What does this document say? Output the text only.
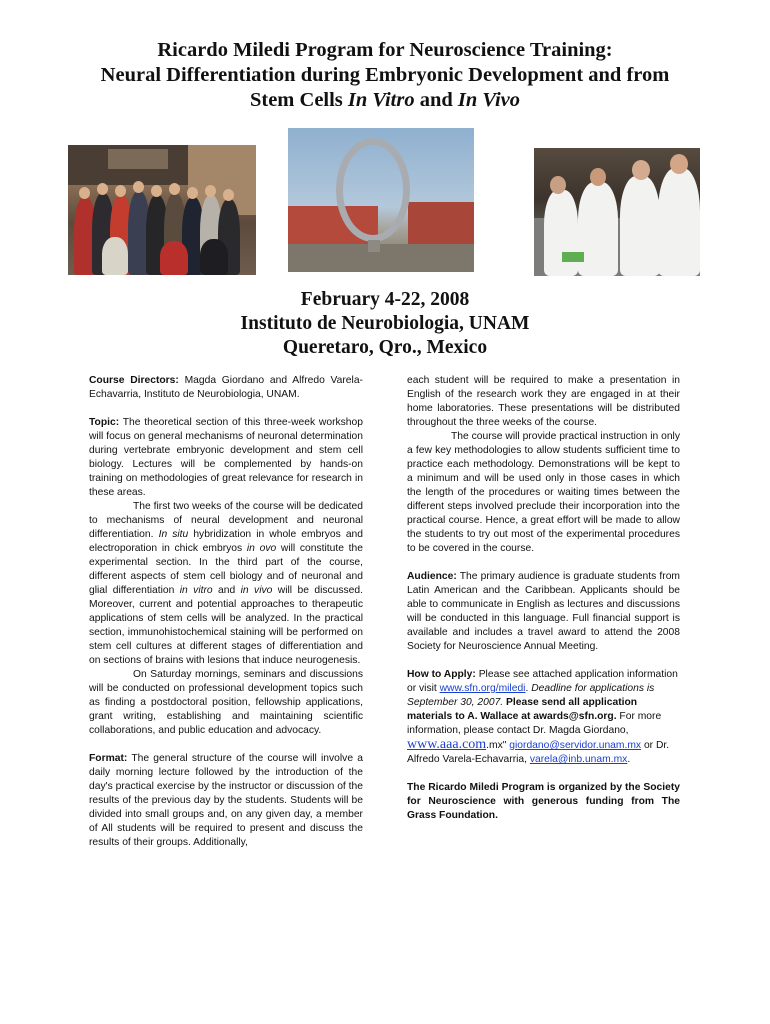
Ricardo Miledi Program for Neuroscience Training:
Neural Differentiation during Embryonic Development and from
Stem Cells In Vitro and In Vivo
February 4-22, 2008
Instituto de Neurobiologia, UNAM
Queretaro, Qro., Mexico

Course Directors: Magda Giordano and Alfredo Varela-Echavarria, Instituto de Neurobiologia, UNAM.

Topic: The theoretical section of this three-week workshop will focus on general mechanisms of neuronal determination during vertebrate embryonic development and stem cell biology. Lectures will be complemented by hands-on training on methodologies of great relevance for research in these areas.

The first two weeks of the course will be dedicated to mechanisms of neural development and neuronal differentiation. In situ hybridization in whole embryos and electroporation in chick embryos in ovo will constitute the experimental section. In the third part of the course, different aspects of stem cell biology and of neuronal and glial differentiation in vitro and in vivo will be discussed. Moreover, current and potential approaches to therapeutic applications of stem cells will be analyzed. In the practical section, immunohistochemical staining will be performed on stem cell cultures at different stages of differentiation and on sections of brains with lesions that induce neurogenesis.

On Saturday mornings, seminars and discussions will be conducted on professional development topics such as finding a postdoctoral position, fellowship applications, grant writing, establishing and maintaining scientific collaborations, and public education and advocacy.

Format: The general structure of the course will involve a daily morning lecture followed by the introduction of the day's practical exercise by the instructor or discussion of the results of the previous day by the students. Students will be divided into small groups and, on any given day, a member of All students will be required to present and discuss the results of their groups. Additionally,

each student will be required to make a presentation in English of the research work they are engaged in at their home laboratories. These presentations will be distributed throughout the three weeks of the course.

The course will provide practical instruction in only a few key methodologies to allow students sufficient time to practice each methodology. Demonstrations will be kept to a minimum and will be used only in those cases in which the length of the procedures or waiting times between the different steps involved preclude their incorporation into the practical course. Hence, a great effort will be made to allow the students to try out most of the experimental procedures to be covered in the course.

Audience: The primary audience is graduate students from Latin American and the Caribbean. Applicants should be able to communicate in English as lectures and discussions will be conducted in this language. Full financial support is available and includes a travel award to attend the 2008 Society for Neuroscience Annual Meeting.

How to Apply: Please see attached application information or visit www.sfn.org/miledi. Deadline for applications is September 30, 2007. Please send all application materials to A. Wallace at awards@sfn.org. For more information, please contact Dr. Magda Giordano, www.aaa.com.mx" giordano@servidor.unam.mx or Dr. Alfredo Varela-Echavarria, varela@inb.unam.mx.

The Ricardo Miledi Program is organized by the Society for Neuroscience with generous funding from The Grass Foundation.
